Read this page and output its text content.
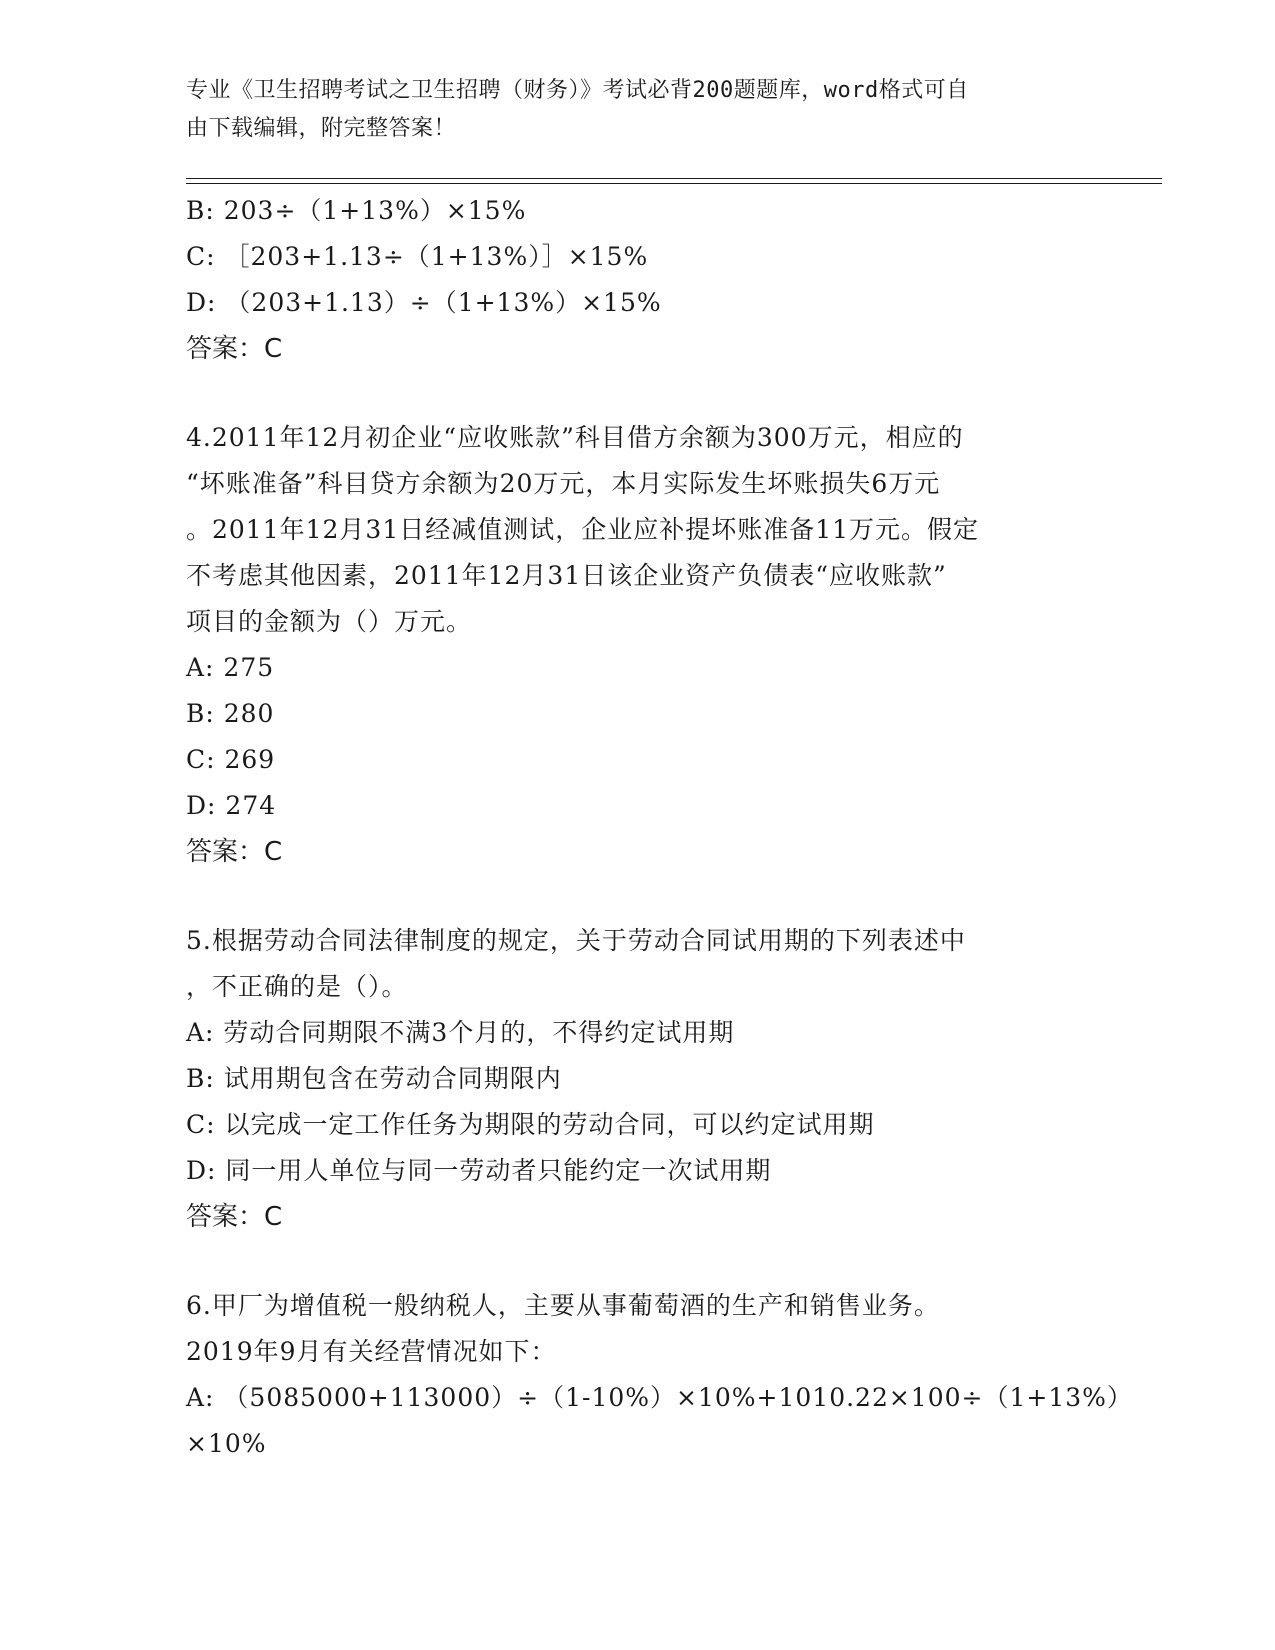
专业《卫生招聘考试之卫生招聘（财务）》考试必背200题题库，word格式可自

由下载编辑，附完整答案！

B: 203÷（1+13%）×15%

C: ［203+1.13÷（1+13%）］×15%

D: （203+1.13）÷（1+13%）×15%

答案：C

4.2011年12月初企业“应收账款”科目借方余额为300万元，相应的

“坏账准备”科目贷方余额为20万元，本月实际发生坏账损失6万元

。2011年12月31日经减值测试，企业应补提坏账准备11万元。假定

不考虑其他因素，2011年12月31日该企业资产负债表“应收账款”

项目的金额为（）万元。

A: 275

B: 280

C: 269

D: 274

答案：C

5.根据劳动合同法律制度的规定，关于劳动合同试用期的下列表述中

，不正确的是（）。

A: 劳动合同期限不满3个月的，不得约定试用期

B: 试用期包含在劳动合同期限内

C: 以完成一定工作任务为期限的劳动合同，可以约定试用期

D: 同一用人单位与同一劳动者只能约定一次试用期

答案：C

6.甲厂为增值税一般纳税人，主要从事葡萄酒的生产和销售业务。

2019年9月有关经营情况如下：

A: （5085000+113000）÷（1-10%）×10%+1010.22×100÷（1+13%）

×10%
